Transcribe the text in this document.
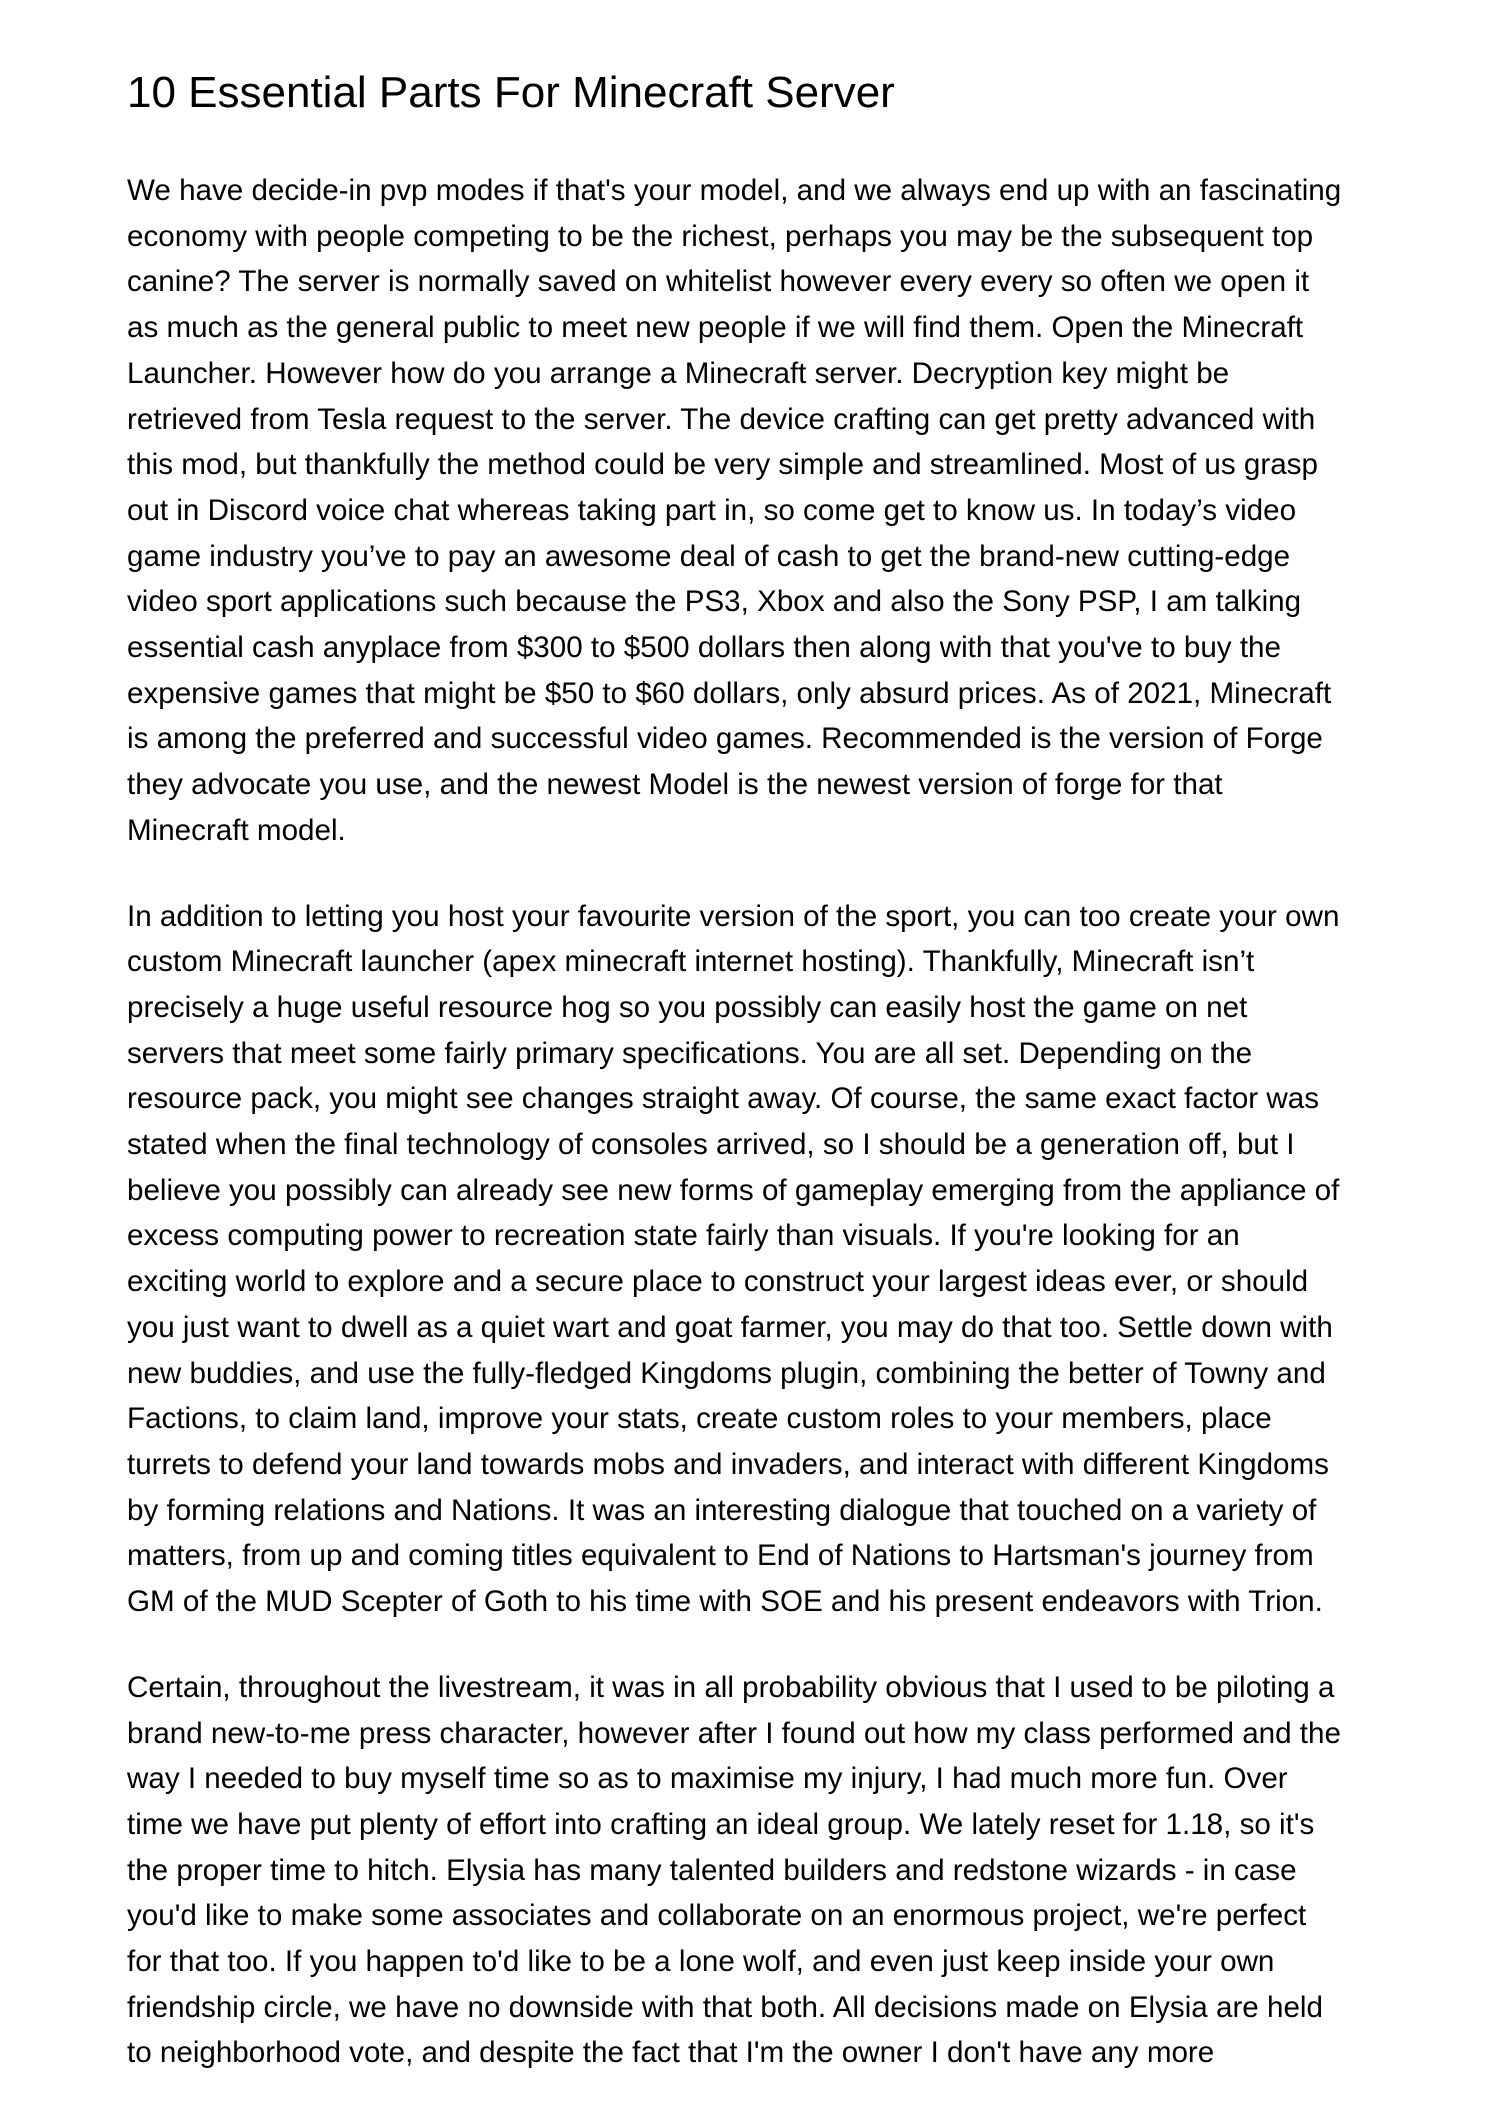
10 Essential Parts For Minecraft Server

We have decide-in pvp modes if that's your model, and we always end up with an fascinating
economy with people competing to be the richest, perhaps you may be the subsequent top
canine? The server is normally saved on whitelist however every every so often we open it
as much as the general public to meet new people if we will find them. Open the Minecraft
Launcher. However how do you arrange a Minecraft server. Decryption key might be
retrieved from Tesla request to the server. The device crafting can get pretty advanced with
this mod, but thankfully the method could be very simple and streamlined. Most of us grasp
out in Discord voice chat whereas taking part in, so come get to know us. In today’s video
game industry you’ve to pay an awesome deal of cash to get the brand-new cutting-edge
video sport applications such because the PS3, Xbox and also the Sony PSP, I am talking
essential cash anyplace from $300 to $500 dollars then along with that you've to buy the
expensive games that might be $50 to $60 dollars, only absurd prices. As of 2021, Minecraft
is among the preferred and successful video games. Recommended is the version of Forge
they advocate you use, and the newest Model is the newest version of forge for that
Minecraft model.

In addition to letting you host your favourite version of the sport, you can too create your own
custom Minecraft launcher (apex minecraft internet hosting). Thankfully, Minecraft isn’t
precisely a huge useful resource hog so you possibly can easily host the game on net
servers that meet some fairly primary specifications. You are all set. Depending on the
resource pack, you might see changes straight away. Of course, the same exact factor was
stated when the final technology of consoles arrived, so I should be a generation off, but I
believe you possibly can already see new forms of gameplay emerging from the appliance of
excess computing power to recreation state fairly than visuals. If you're looking for an
exciting world to explore and a secure place to construct your largest ideas ever, or should
you just want to dwell as a quiet wart and goat farmer, you may do that too. Settle down with
new buddies, and use the fully-fledged Kingdoms plugin, combining the better of Towny and
Factions, to claim land, improve your stats, create custom roles to your members, place
turrets to defend your land towards mobs and invaders, and interact with different Kingdoms
by forming relations and Nations. It was an interesting dialogue that touched on a variety of
matters, from up and coming titles equivalent to End of Nations to Hartsman's journey from
GM of the MUD Scepter of Goth to his time with SOE and his present endeavors with Trion.

Certain, throughout the livestream, it was in all probability obvious that I used to be piloting a
brand new-to-me press character, however after I found out how my class performed and the
way I needed to buy myself time so as to maximise my injury, I had much more fun. Over
time we have put plenty of effort into crafting an ideal group. We lately reset for 1.18, so it's
the proper time to hitch. Elysia has many talented builders and redstone wizards - in case
you'd like to make some associates and collaborate on an enormous project, we're perfect
for that too. If you happen to'd like to be a lone wolf, and even just keep inside your own
friendship circle, we have no downside with that both. All decisions made on Elysia are held
to neighborhood vote, and despite the fact that I'm the owner I don't have any more
